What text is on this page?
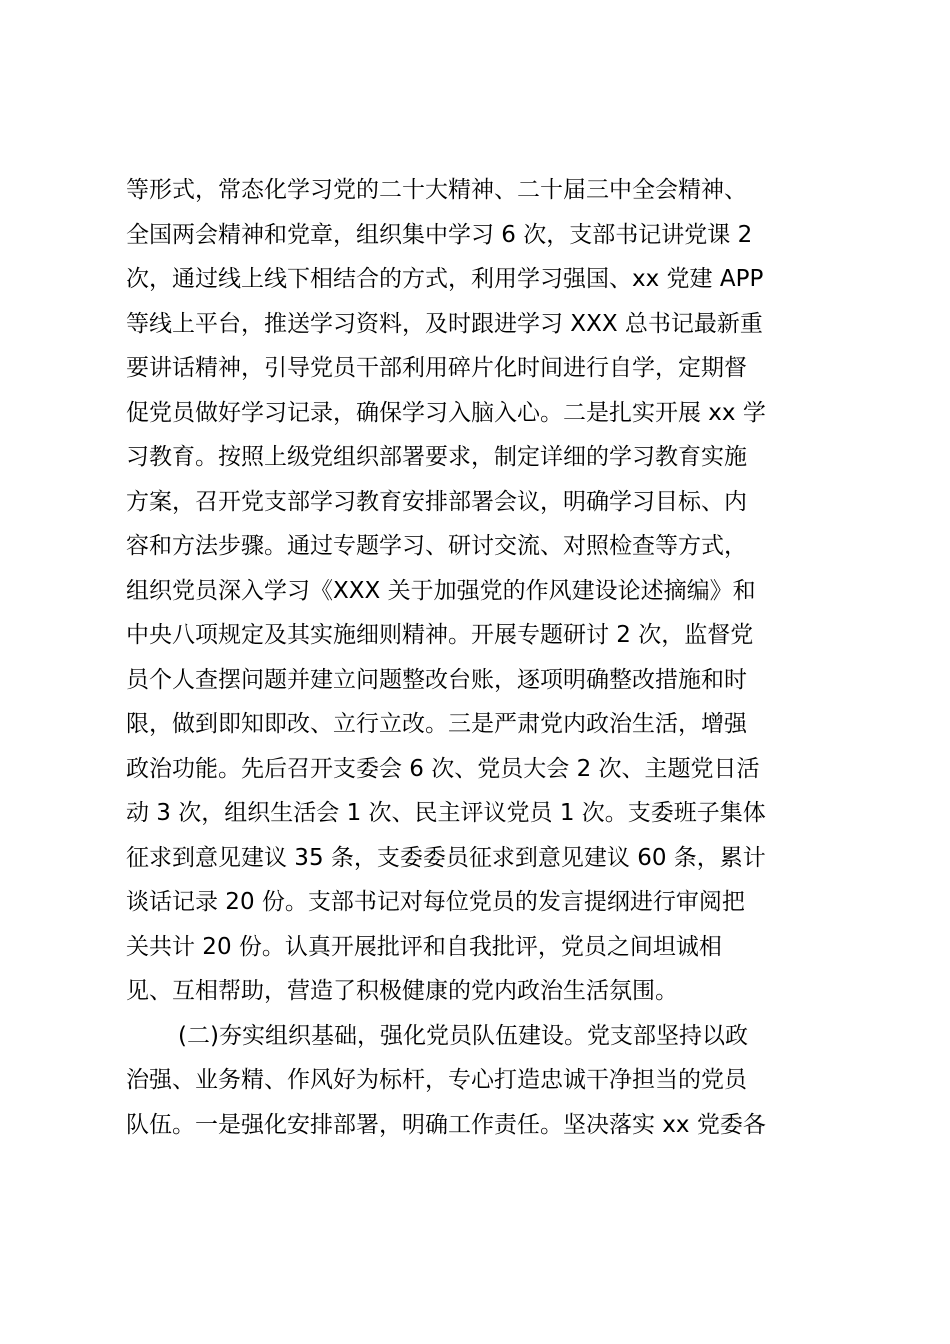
等形式，常态化学习党的二十大精神、二十届三中全会精神、
全国两会精神和党章，组织集中学习 6 次，支部书记讲党课 2
次，通过线上线下相结合的方式，利用学习强国、xx 党建 APP
等线上平台，推送学习资料，及时跟进学习 XXX 总书记最新重
要讲话精神，引导党员干部利用碎片化时间进行自学，定期督
促党员做好学习记录，确保学习入脑入心。二是扎实开展 xx 学
习教育。按照上级党组织部署要求，制定详细的学习教育实施
方案，召开党支部学习教育安排部署会议，明确学习目标、内
容和方法步骤。通过专题学习、研讨交流、对照检查等方式，
组织党员深入学习《XXX 关于加强党的作风建设论述摘编》和
中央八项规定及其实施细则精神。开展专题研讨 2 次，监督党
员个人查摆问题并建立问题整改台账，逐项明确整改措施和时
限，做到即知即改、立行立改。三是严肃党内政治生活，增强
政治功能。先后召开支委会 6 次、党员大会 2 次、主题党日活
动 3 次，组织生活会 1 次、民主评议党员 1 次。支委班子集体
征求到意见建议 35 条，支委委员征求到意见建议 60 条，累计
谈话记录 20 份。支部书记对每位党员的发言提纲进行审阅把
关共计 20 份。认真开展批评和自我批评，党员之间坦诚相
见、互相帮助，营造了积极健康的党内政治生活氛围。
(二)夯实组织基础，强化党员队伍建设。党支部坚持以政
治强、业务精、作风好为标杆，专心打造忠诚干净担当的党员
队伍。一是强化安排部署，明确工作责任。坚决落实 xx 党委各
